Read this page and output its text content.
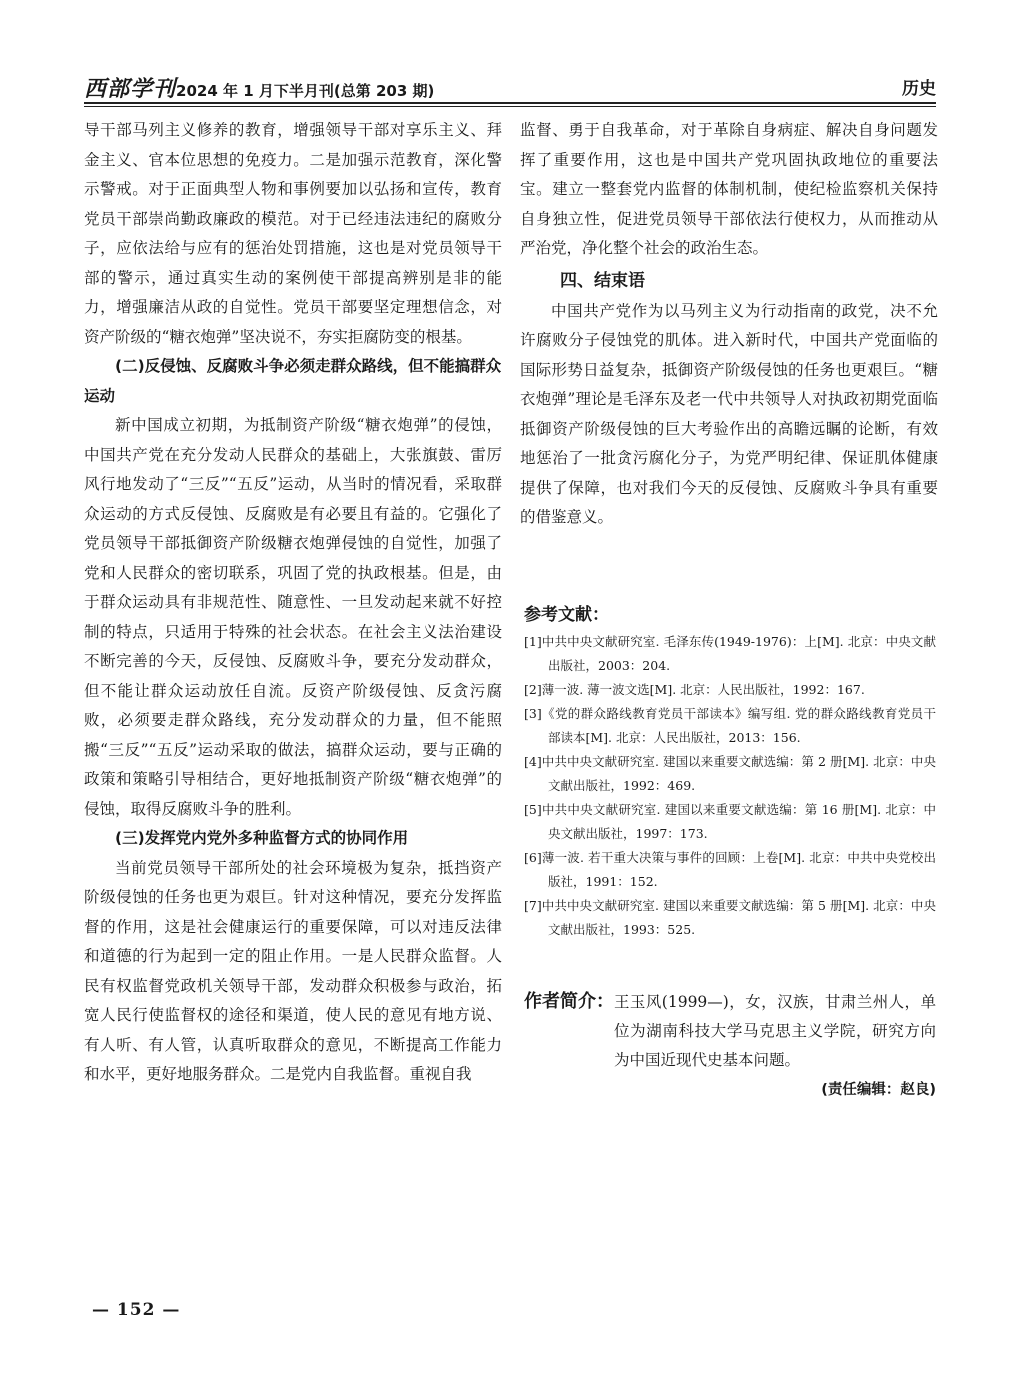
西部学刊2024 年 1 月下半月刊(总第 203 期)	历史

导干部马列主义修养的教育，增强领导干部对享乐主义、拜金主义、官本位思想的免疫力。二是加强示范教育，深化警示警戒。对于正面典型人物和事例要加以弘扬和宣传，教育党员干部崇尚勤政廉政的模范。对于已经违法违纪的腐败分子，应依法给与应有的惩治处罚措施，这也是对党员领导干部的警示，通过真实生动的案例使干部提高辨别是非的能力，增强廉洁从政的自觉性。党员干部要坚定理想信念，对资产阶级的“糖衣炮弹”坚决说不，夯实拒腐防变的根基。

(二)反侵蚀、反腐败斗争必须走群众路线，但不能搞群众运动

新中国成立初期，为抵制资产阶级“糖衣炮弹”的侵蚀，中国共产党在充分发动人民群众的基础上，大张旗鼓、雷厉风行地发动了“三反”“五反”运动，从当时的情况看，采取群众运动的方式反侵蚀、反腐败是有必要且有益的。它强化了党员领导干部抵御资产阶级糖衣炮弹侵蚀的自觉性，加强了党和人民群众的密切联系，巩固了党的执政根基。但是，由于群众运动具有非规范性、随意性、一旦发动起来就不好控制的特点，只适用于特殊的社会状态。在社会主义法治建设不断完善的今天，反侵蚀、反腐败斗争，要充分发动群众，但不能让群众运动放任自流。反资产阶级侵蚀、反贪污腐败，必须要走群众路线，充分发动群众的力量，但不能照搬“三反”“五反”运动采取的做法，搞群众运动，要与正确的政策和策略引导相结合，更好地抵制资产阶级“糖衣炮弹”的侵蚀，取得反腐败斗争的胜利。

(三)发挥党内党外多种监督方式的协同作用

当前党员领导干部所处的社会环境极为复杂，抵挡资产阶级侵蚀的任务也更为艰巨。针对这种情况，要充分发挥监督的作用，这是社会健康运行的重要保障，可以对违反法律和道德的行为起到一定的阻止作用。一是人民群众监督。人民有权监督党政机关领导干部，发动群众积极参与政治，拓宽人民行使监督权的途径和渠道，使人民的意见有地方说、有人听、有人管，认真听取群众的意见，不断提高工作能力和水平，更好地服务群众。二是党内自我监督。重视自我

监督、勇于自我革命，对于革除自身病症、解决自身问题发挥了重要作用，这也是中国共产党巩固执政地位的重要法宝。建立一整套党内监督的体制机制，使纪检监察机关保持自身独立性，促进党员领导干部依法行使权力，从而推动从严治党，净化整个社会的政治生态。

四、结束语

中国共产党作为以马列主义为行动指南的政党，决不允许腐败分子侵蚀党的肌体。进入新时代，中国共产党面临的国际形势日益复杂，抵御资产阶级侵蚀的任务也更艰巨。“糖衣炮弹”理论是毛泽东及老一代中共领导人对执政初期党面临抵御资产阶级侵蚀的巨大考验作出的高瞻远瞩的论断，有效地惩治了一批贪污腐化分子，为党严明纪律、保证肌体健康提供了保障，也对我们今天的反侵蚀、反腐败斗争具有重要的借鉴意义。

参考文献：
[1]中共中央文献研究室. 毛泽东传(1949-1976)：上[M]. 北京：中央文献出版社，2003：204.
[2]薄一波. 薄一波文选[M]. 北京：人民出版社，1992：167.
[3]《党的群众路线教育党员干部读本》编写组. 党的群众路线教育党员干部读本[M]. 北京：人民出版社，2013：156.
[4]中共中央文献研究室. 建国以来重要文献选编：第 2 册[M]. 北京：中央文献出版社，1992：469.
[5]中共中央文献研究室. 建国以来重要文献选编：第 16 册[M]. 北京：中央文献出版社，1997：173.
[6]薄一波. 若干重大决策与事件的回顾：上卷[M]. 北京：中共中央党校出版社，1991：152.
[7]中共中央文献研究室. 建国以来重要文献选编：第 5 册[M]. 北京：中央文献出版社，1993：525.
作者简介： 王玉风(1999—)，女，汉族，甘肃兰州人，单位为湖南科技大学马克思主义学院，研究方向为中国近现代史基本问题。
(责任编辑：赵良)
— 152 —
